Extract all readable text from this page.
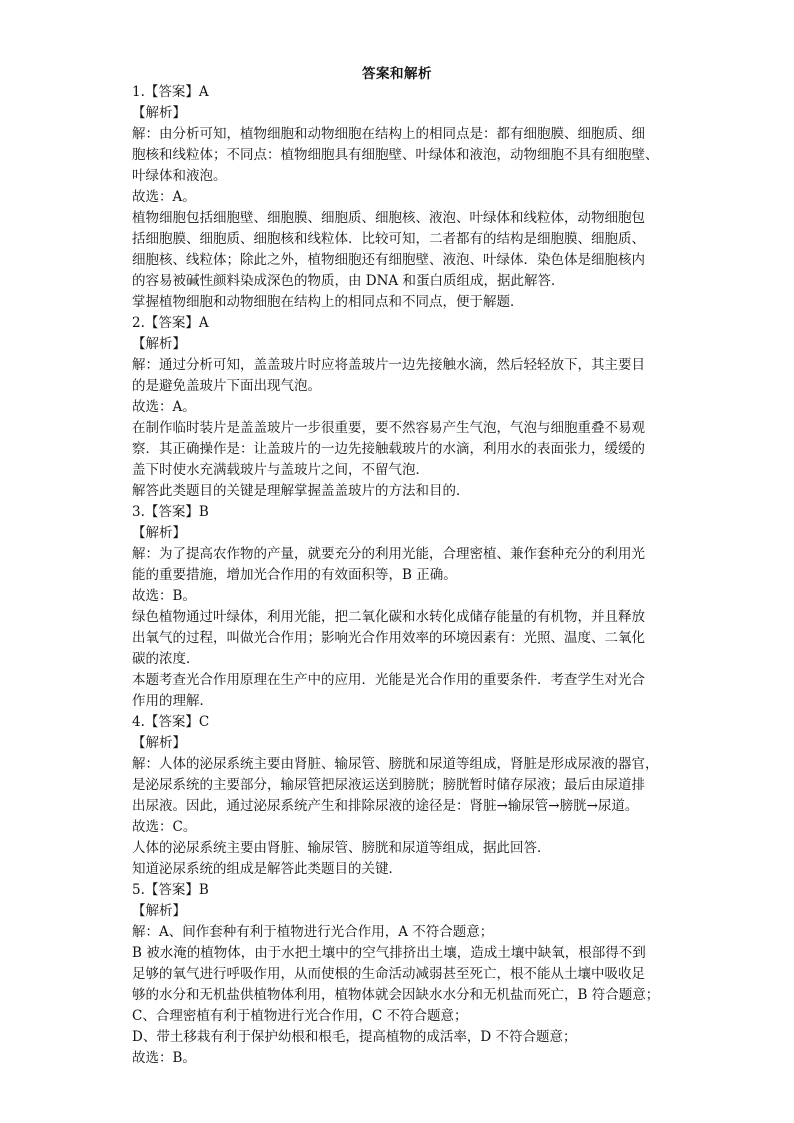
答案和解析
1.【答案】A
【解析】
解：由分析可知，植物细胞和动物细胞在结构上的相同点是：都有细胞膜、细胞质、细
胞核和线粒体；不同点：植物细胞具有细胞壁、叶绿体和液泡，动物细胞不具有细胞壁、
叶绿体和液泡。
故选：A。
植物细胞包括细胞壁、细胞膜、细胞质、细胞核、液泡、叶绿体和线粒体，动物细胞包
括细胞膜、细胞质、细胞核和线粒体．比较可知，二者都有的结构是细胞膜、细胞质、
细胞核、线粒体；除此之外，植物细胞还有细胞壁、液泡、叶绿体．染色体是细胞核内
的容易被碱性颜料染成深色的物质，由 DNA 和蛋白质组成，据此解答．
掌握植物细胞和动物细胞在结构上的相同点和不同点，便于解题．
2.【答案】A
【解析】
解：通过分析可知，盖盖玻片时应将盖玻片一边先接触水滴，然后轻轻放下，其主要目
的是避免盖玻片下面出现气泡。
故选：A。
在制作临时装片是盖盖玻片一步很重要，要不然容易产生气泡，气泡与细胞重叠不易观
察．其正确操作是：让盖玻片的一边先接触载玻片的水滴，利用水的表面张力，缓缓的
盖下时使水充满载玻片与盖玻片之间，不留气泡．
解答此类题目的关键是理解掌握盖盖玻片的方法和目的．
3.【答案】B
【解析】
解：为了提高农作物的产量，就要充分的利用光能，合理密植、兼作套种充分的利用光
能的重要措施，增加光合作用的有效面积等，B 正确。
故选：B。
绿色植物通过叶绿体，利用光能，把二氧化碳和水转化成储存能量的有机物，并且释放
出氧气的过程，叫做光合作用；影响光合作用效率的环境因素有：光照、温度、二氧化
碳的浓度．
本题考查光合作用原理在生产中的应用．光能是光合作用的重要条件．考查学生对光合
作用的理解．
4.【答案】C
【解析】
解：人体的泌尿系统主要由肾脏、输尿管、膀胱和尿道等组成，肾脏是形成尿液的器官，
是泌尿系统的主要部分，输尿管把尿液运送到膀胱；膀胱暂时储存尿液；最后由尿道排
出尿液。因此，通过泌尿系统产生和排除尿液的途径是：肾脏→输尿管→膀胱→尿道。
故选：C。
人体的泌尿系统主要由肾脏、输尿管、膀胱和尿道等组成，据此回答．
知道泌尿系统的组成是解答此类题目的关键．
5.【答案】B
【解析】
解：A、间作套种有利于植物进行光合作用，A 不符合题意；
B 被水淹的植物体，由于水把土壤中的空气排挤出土壤，造成土壤中缺氧，根部得不到
足够的氧气进行呼吸作用，从而使根的生命活动减弱甚至死亡，根不能从土壤中吸收足
够的水分和无机盐供植物体利用，植物体就会因缺水水分和无机盐而死亡，B 符合题意；
C、合理密植有利于植物进行光合作用，C 不符合题意；
D、带土移栽有利于保护幼根和根毛，提高植物的成活率，D 不符合题意；
故选：B。
